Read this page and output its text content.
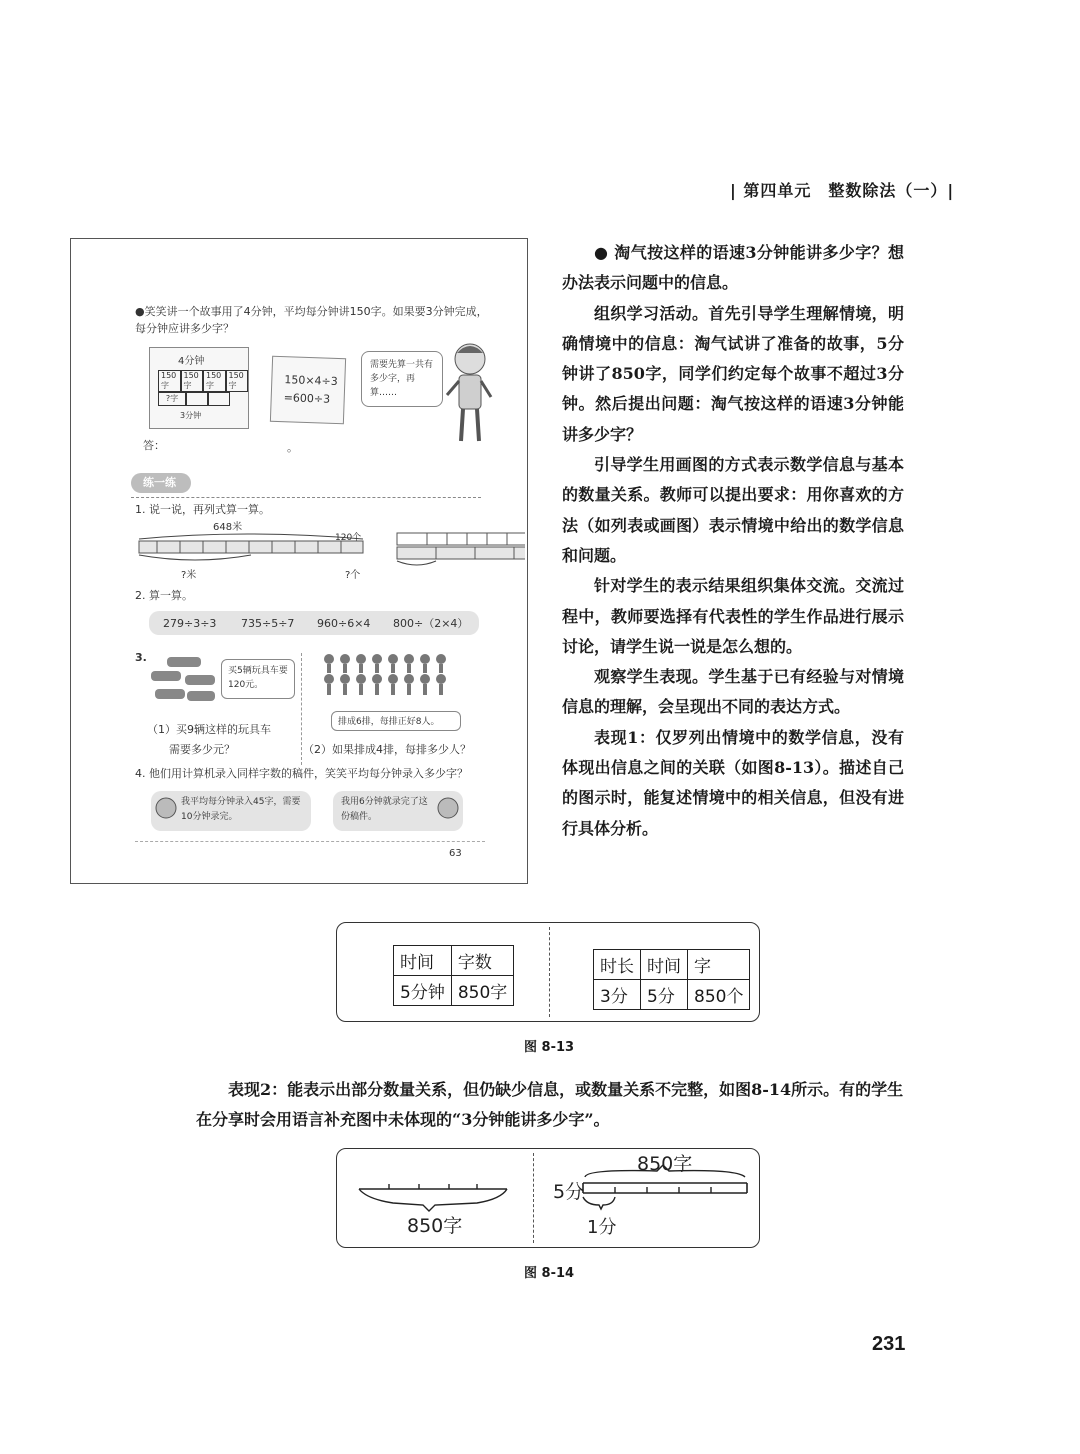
| 第四单元　整数除法（一）|
●笑笑讲一个故事用了4分钟，平均每分钟讲150字。如果要3分钟完成，每分钟应讲多少字？
4分钟
150字
150字
150字
150字
?字
3分钟
150×4÷3
=600÷3
需要先算一共有多少字，再算……
答：	。
练一练
1. 说一说，再列式算一算。
648米
120个
?米	?个
2. 算一算。
279÷3÷3 735÷5÷7 960÷6×4 800÷（2×4）
3.
买5辆玩具车要120元。
排成6排，每排正好8人。
（1）买9辆这样的玩具车
需要多少元？	（2）如果排成4排，每排多少人？
4. 他们用计算机录入同样字数的稿件，笑笑平均每分钟录入多少字？
我平均每分钟录入45字，需要10分钟录完。
我用6分钟就录完了这份稿件。
63

● 淘气按这样的语速3分钟能讲多少字？想办法表示问题中的信息。

组织学习活动。首先引导学生理解情境，明确情境中的信息：淘气试讲了准备的故事，5分钟讲了850字，同学们约定每个故事不超过3分钟。然后提出问题：淘气按这样的语速3分钟能讲多少字？

引导学生用画图的方式表示数学信息与基本的数量关系。教师可以提出要求：用你喜欢的方法（如列表或画图）表示情境中给出的数学信息和问题。

针对学生的表示结果组织集体交流。交流过程中，教师要选择有代表性的学生作品进行展示讨论，请学生说一说是怎么想的。

观察学生表现。学生基于已有经验与对情境信息的理解，会呈现出不同的表达方式。

表现1：仅罗列出情境中的数学信息，没有体现出信息之间的关联（如图8-13）。描述自己的图示时，能复述情境中的相关信息，但没有进行具体分析。

时间	字数
5分钟	850字
时长	时间	字
3分	5分	850个
图 8-13

表现2：能表示出部分数量关系，但仍缺少信息，或数量关系不完整，如图8-14所示。有的学生在分享时会用语言补充图中未体现的“3分钟能讲多少字”。

850字
850字
5分
1分
图 8-14
231
